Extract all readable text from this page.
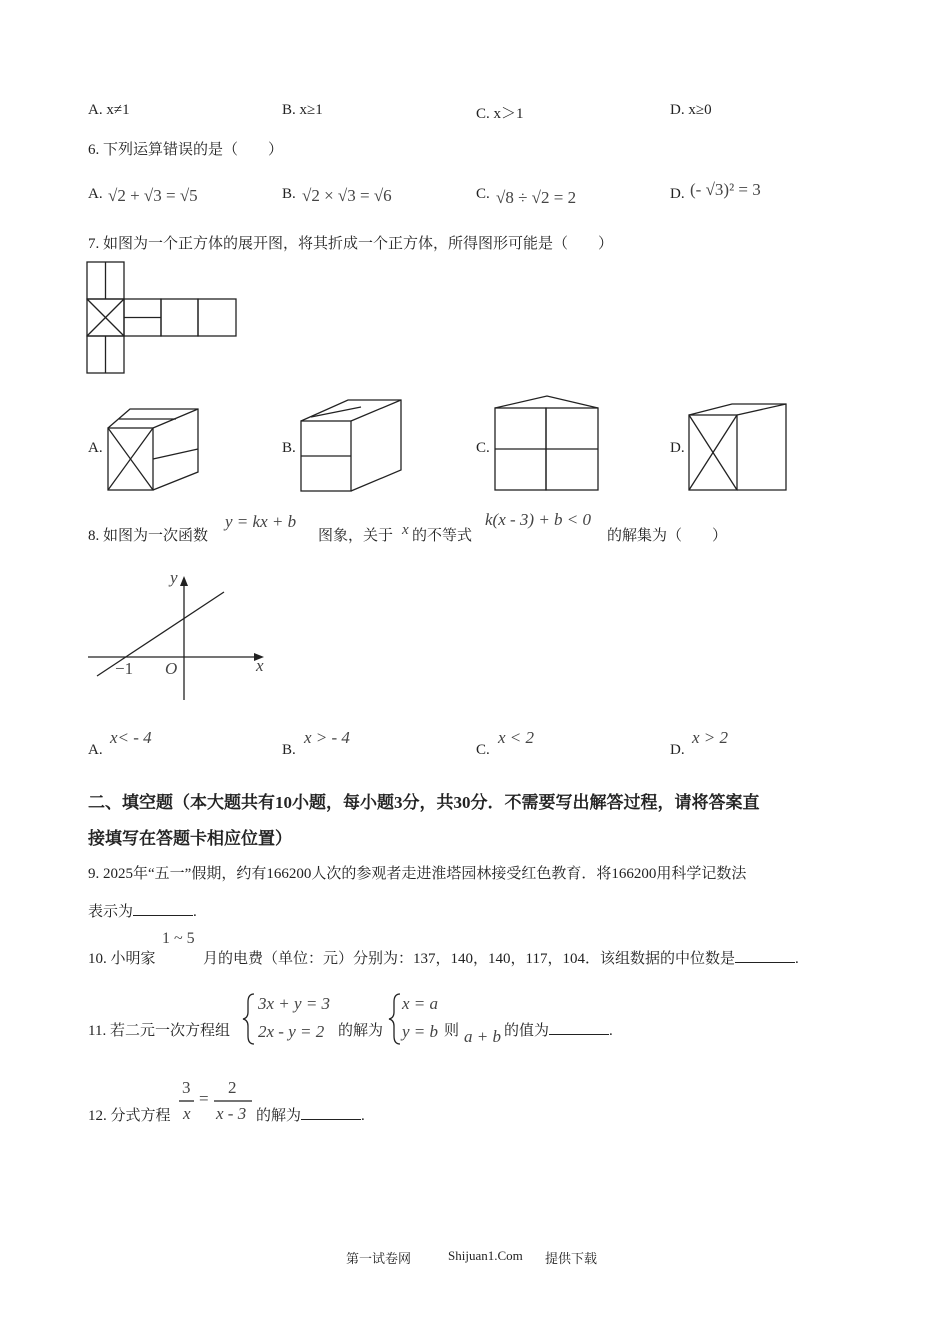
A. x≠1	B. x≥1	C. x＞1	D. x≥0
6. 下列运算错误的是（　　）
A. √2 + √3 = √5	B. √2 × √3 = √6	C. √8 ÷ √2 = 2	D. (- √3)² = 3
7. 如图为一个正方体的展开图，将其折成一个正方体，所得图形可能是（　　）
A.	B.	C.	D.
8. 如图为一次函数
y = kx + b
图象，关于 x 的不等式
k(x - 3) + b < 0
的解集为（　　）
y
x
O
−1
A.
x< - 4
B.
x > - 4
C.
x < 2
D.
x > 2
二、填空题（本大题共有10小题，每小题3分，共30分．不需要写出解答过程，请将答案直
接填写在答题卡相应位置）
9. 2025年“五一”假期，约有166200人次的参观者走进淮塔园林接受红色教育．将166200用科学记数法
表示为	.
10. 小明家
1 ~ 5
月的电费（单位：元）分别为：137，140，140，117，104．该组数据的中位数是	.
11. 若二元一次方程组
3x + y = 3
2x - y = 2 的解为
x = a
y = b 则 a + b 的值为	.
12. 分式方程
3
x
=
2
x - 3 的解为	.
第一试卷网	Shijuan1.Com 提供下载
